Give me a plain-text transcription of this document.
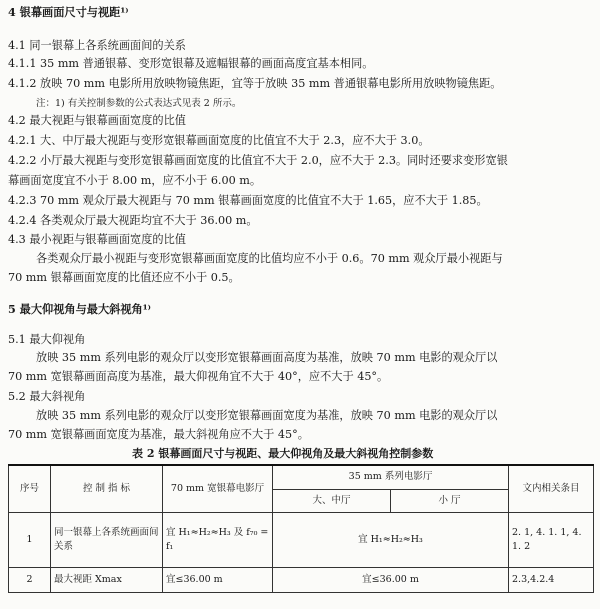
4 银幕画面尺寸与视距¹⁾
4.1 同一银幕上各系统画面间的关系
4.1.1 35 mm 普通银幕、变形宽银幕及遮幅银幕的画面高度宜基本相同。
4.1.2 放映 70 mm 电影所用放映物镜焦距，宜等于放映 35 mm 普通银幕电影所用放映物镜焦距。
注：1) 有关控制参数的公式表达式见表 2 所示。
4.2 最大视距与银幕画面宽度的比值
4.2.1 大、中厅最大视距与变形宽银幕画面宽度的比值宜不大于 2.3，应不大于 3.0。
4.2.2 小厅最大视距与变形宽银幕画面宽度的比值宜不大于 2.0，应不大于 2.3。同时还要求变形宽银
幕画面宽度宜不小于 8.00 m，应不小于 6.00 m。
4.2.3 70 mm 观众厅最大视距与 70 mm 银幕画面宽度的比值宜不大于 1.65，应不大于 1.85。
4.2.4 各类观众厅最大视距均宜不大于 36.00 m。
4.3 最小视距与银幕画面宽度的比值
各类观众厅最小视距与变形宽银幕画面宽度的比值均应不小于 0.6。70 mm 观众厅最小视距与
70 mm 银幕画面宽度的比值还应不小于 0.5。
5 最大仰视角与最大斜视角¹⁾
5.1 最大仰视角
放映 35 mm 系列电影的观众厅以变形宽银幕画面高度为基准，放映 70 mm 电影的观众厅以
70 mm 宽银幕画面高度为基准，最大仰视角宜不大于 40°，应不大于 45°。
5.2 最大斜视角
放映 35 mm 系列电影的观众厅以变形宽银幕画面宽度为基准，放映 70 mm 电影的观众厅以
70 mm 宽银幕画面宽度为基准，最大斜视角应不大于 45°。
表 2 银幕画面尺寸与视距、最大仰视角及最大斜视角控制参数
序号	控 制 指 标	70 mm 宽银幕电影厅	35 mm 系列电影厅		文内相关条目
			大、中厅	小 厅	
1	同一银幕上各系统画面间关系	宜 H₁≈H₂≈H₃ 及 f₇₀ = f₁	宜 H₁≈H₂≈H₃		2. 1, 4. 1. 1, 4. 1. 2
2	最大视距 Xmax	宜≤36.00 m	宜≤36.00 m		2.3,4.2.4
